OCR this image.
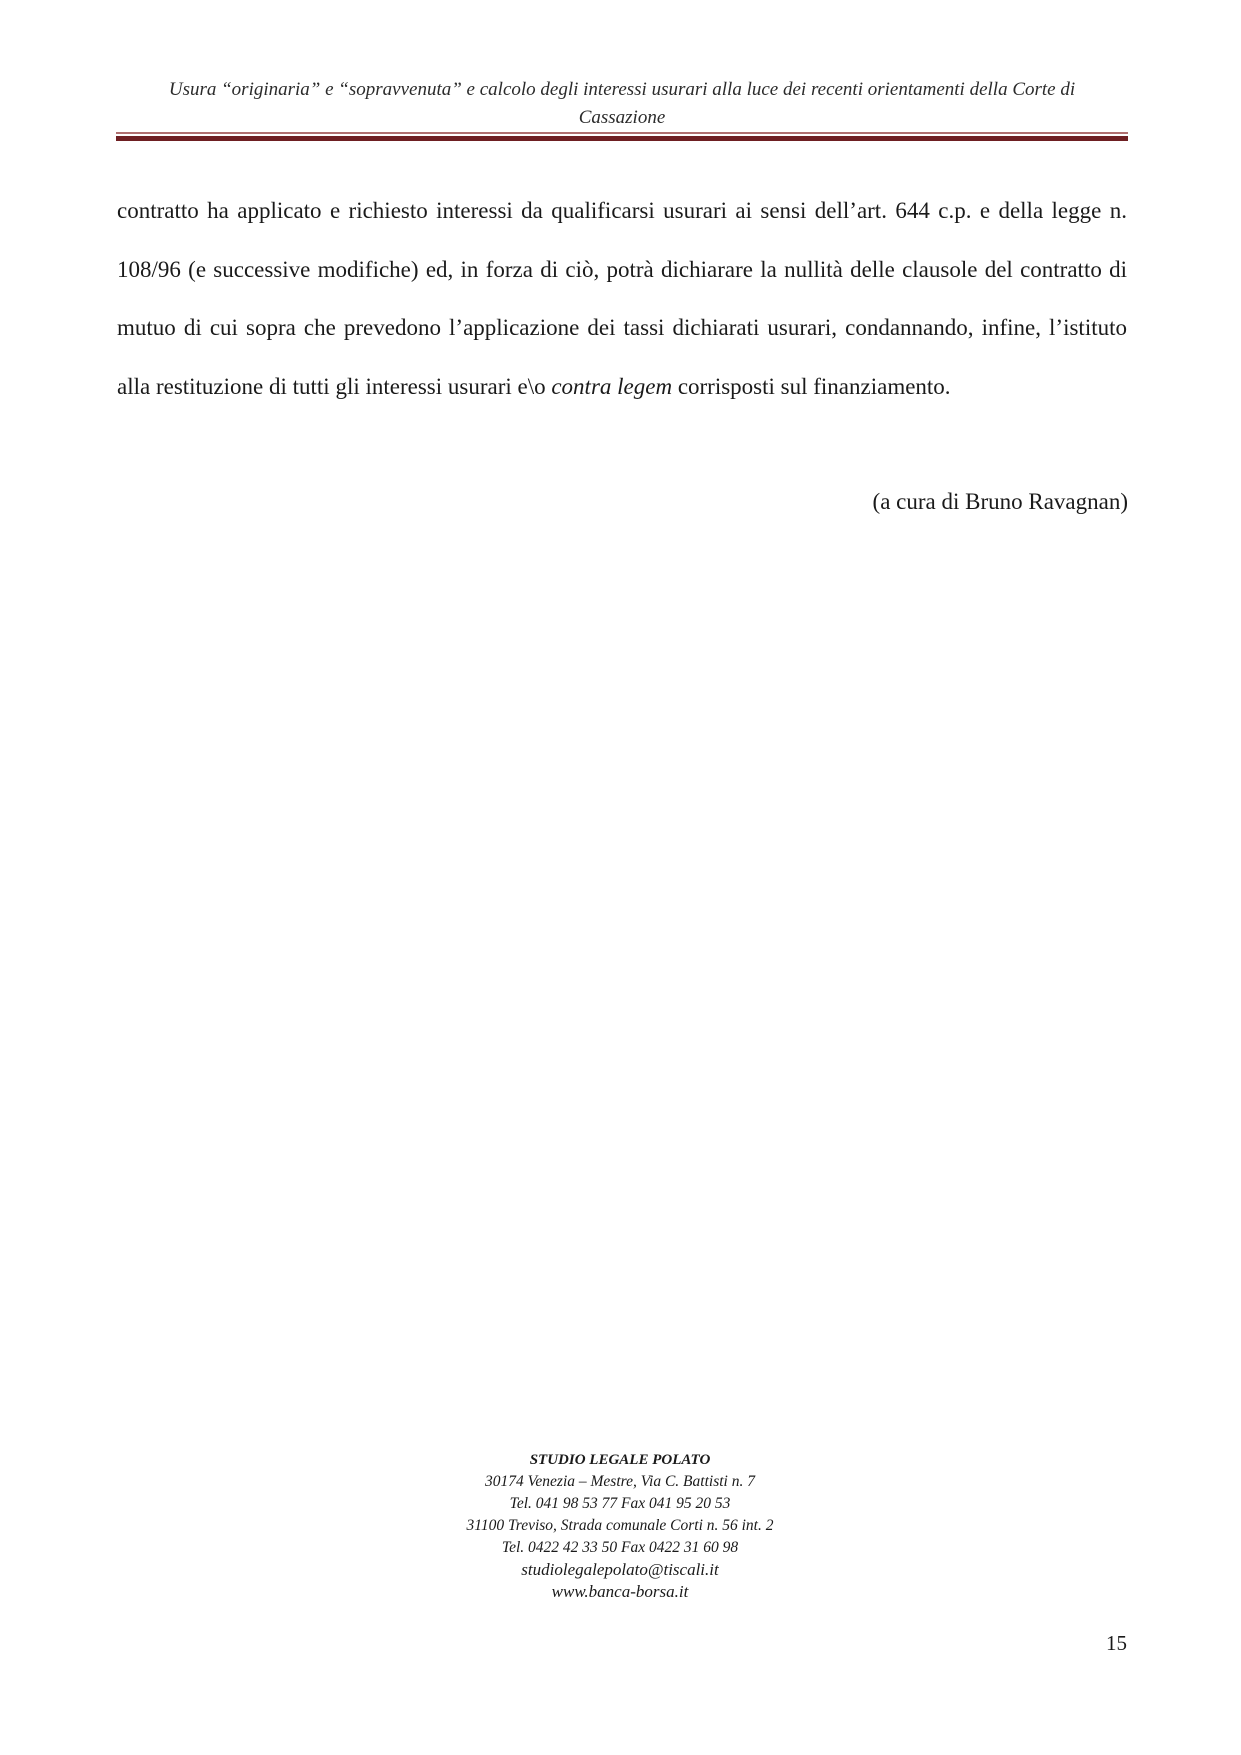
Usura “originaria” e “sopravvenuta” e calcolo degli interessi usurari alla luce dei recenti orientamenti della Corte di
Cassazione

contratto ha applicato e richiesto interessi da qualificarsi usurari ai sensi dell’art. 644 c.p. e della legge n. 108/96 (e successive modifiche) ed, in forza di ciò, potrà dichiarare la nullità delle clausole del contratto di mutuo di cui sopra che prevedono l’applicazione dei tassi dichiarati usurari, condannando, infine, l’istituto alla restituzione di tutti gli interessi usurari e\o contra legem corrisposti sul finanziamento.

(a cura di Bruno Ravagnan)
STUDIO LEGALE POLATO
30174 Venezia – Mestre, Via C. Battisti n. 7
Tel. 041 98 53 77 Fax 041 95 20 53
31100 Treviso, Strada comunale Corti n. 56 int. 2
Tel. 0422 42 33 50 Fax 0422 31 60 98
studiolegalepolato@tiscali.it
www.banca-borsa.it
15
